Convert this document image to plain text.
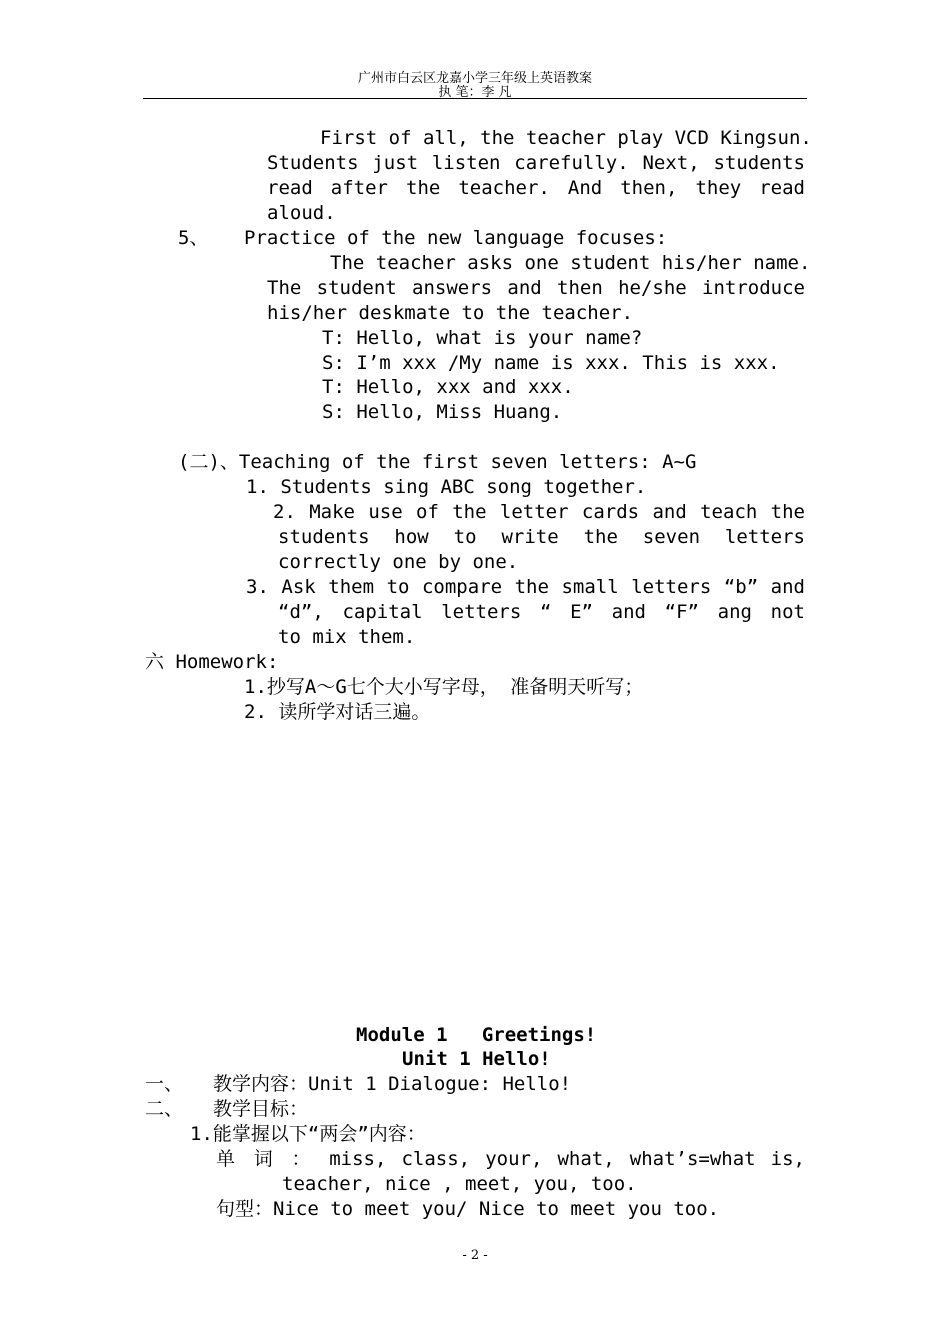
广州市白云区龙嘉小学三年级上英语教案
执 笔：李 凡
First of all, the teacher play VCD Kingsun.
Students just listen carefully. Next, students
read after the teacher. And then, they read
aloud.
5、 Practice of the new language focuses:
The teacher asks one student his/her name.
The student answers and then he/she introduce
his/her deskmate to the teacher.
T: Hello, what is your name?
S: I’m xxx /My name is xxx. This is xxx.
T: Hello, xxx and xxx.
S: Hello, Miss Huang.
(二)、Teaching of the first seven letters: A~G
1. Students sing ABC song together.
2. Make use of the letter cards and teach the
students how to write the seven letters
correctly one by one.
3. Ask them to compare the small letters “b” and
“d”, capital letters “ E” and “F” ang not
to mix them.
六 Homework:
1.抄写A～G七个大小写字母， 准备明天听写；
2. 读所学对话三遍。
Module 1   Greetings!
Unit 1 Hello!
一、 教学内容：Unit 1 Dialogue: Hello!
二、 教学目标：
1.能掌握以下“两会”内容：
单 词 ： miss, class, your, what, what’s=what is,
teacher, nice , meet, you, too.
句型：Nice to meet you/ Nice to meet you too.
- 2 -
